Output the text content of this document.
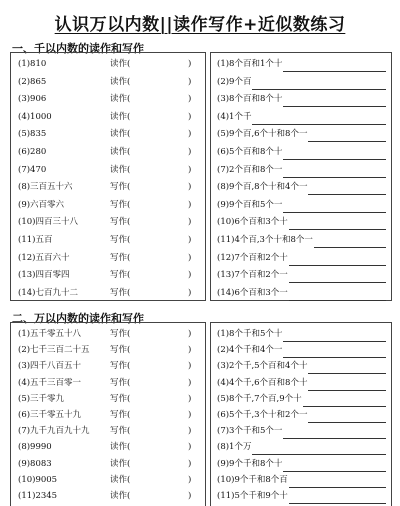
认识万以内数||读作写作+近似数练习
一、千以内数的读作和写作
(1)810	读作(	)
(2)865	读作(	)
(3)906	读作(	)
(4)1000	读作(	)
(5)835	读作(	)
(6)280	读作(	)
(7)470	读作(	)
(8)三百五十六	写作(	)
(9)六百零六	写作(	)
(10)四百三十八	写作(	)
(11)五百	写作(	)
(12)五百六十	写作(	)
(13)四百零四	写作(	)
(14)七百九十二	写作(	)
(1)8个百和1个十
(2)9个百
(3)8个百和8个十
(4)1个千
(5)9个百,6个十和8个一
(6)5个百和8个十
(7)2个百和8个一
(8)9个百,8个十和4个一
(9)9个百和5个一
(10)6个百和3个十
(11)4个百,3个十和8个一
(12)7个百和2个十
(13)7个百和2个一
(14)6个百和3个一
二、万以内数的读作和写作
(1)五千零五十八	写作(	)
(2)七千三百二十五 写作(	)
(3)四千八百五十	写作(	)
(4)五千三百零一	写作(	)
(5)三千零九	写作(	)
(6)三千零五十九	写作(	)
(7)九千九百九十九 写作(	)
(8)9990	读作(	)
(9)8083	读作(	)
(10)9005	读作(	)
(11)2345	读作(	)
(1)8个千和5个十
(2)4个千和4个一
(3)2个千,5个百和4个十
(4)4个千,6个百和8个十
(5)8个千,7个百,9个十
(6)5个千,3个十和2个一
(7)3个千和5个一
(8)1个万
(9)9个千和8个十
(10)9个千和8个百
(11)5个千和9个十
